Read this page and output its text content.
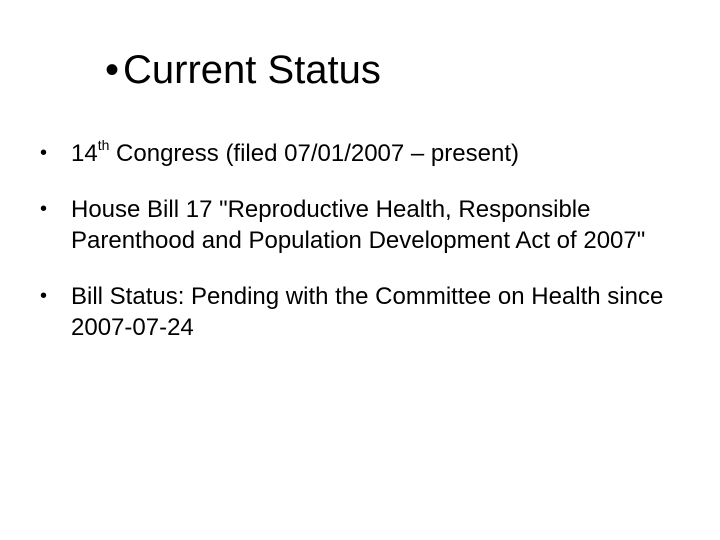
• Current Status
• 14th Congress (filed 07/01/2007 – present)
• House Bill 17 "Reproductive Health, Responsible Parenthood and Population Development Act of 2007"
• Bill Status: Pending with the Committee on Health since 2007-07-24
